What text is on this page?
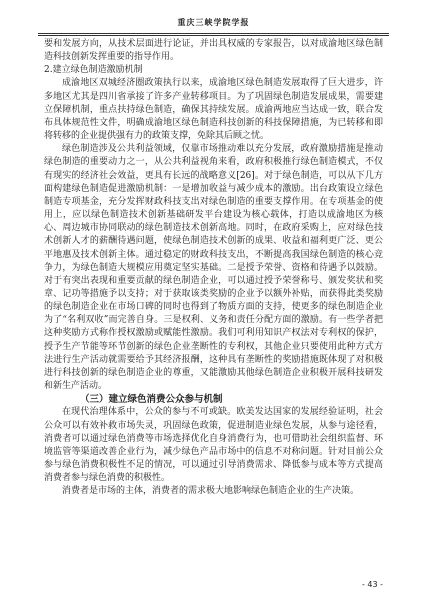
重庆三峡学院学报

要和发展方向，从技术层面进行论证，并出具权威的专家报告，以对成渝地区绿色制造科技创新发挥重要的指导作用。

2.建立绿色制造激励机制

成渝地区双城经济圈政策执行以来，成渝地区绿色制造发展取得了巨大进步，许多地区尤其是四川省承接了许多产业转移项目。为了巩固绿色制造发展成果，需要建立保障机制，重点扶持绿色制造，确保其持续发展。成渝两地应当达成一致，联合发布具体规范性文件，明确成渝地区绿色制造科技创新的科技保障措施，为已转移和即将转移的企业提供强有力的政策支撑，免除其后顾之忧。

绿色制造涉及公共利益领域，仅靠市场推动难以充分发展，政府激励措施是推动绿色制造的重要动力之一，从公共利益视角来看，政府积极推行绿色制造模式，不仅有现实的经济社会效益，更具有长远的战略意义[26]。对于绿色制造，可以从下几方面构建绿色制造促进激励机制：一是增加收益与减少成本的激励。出台政策设立绿色制造专项基金，充分发挥财政科技支出对绿色制造的重要支撑作用。在专项基金的使用上，应以绿色制造技术创新基础研发平台建设为核心载体，打造以成渝地区为核心、周边城市协同联动的绿色制造技术创新高地。同时，在政府采购上，应对绿色技术创新人才的薪酬待遇问题，使绿色制造技术创新的成果、收益和福利更广泛、更公平地惠及技术创新主体。通过稳定的财政科技支出，不断提高我国绿色制造的核心竞争力，为绿色制造大规模应用奠定坚实基础。二是授予荣誉、资格和待遇予以鼓励。对于有突出表现和重要贡献的绿色制造企业，可以通过授予荣誉称号、颁发奖状和奖章、记功等措施予以支持；对于获取该类奖励的企业予以额外补贴，而获得此类奖励的绿色制造企业在市场口碑的同时也得到了物质方面的支持，使更多的绿色制造企业为了“名利双收”而完善自身。三是权利、义务和责任分配方面的激励。有一些学者把这种奖励方式称作授权激励或赋能性激励。我们可利用知识产权法对专利权的保护，授予生产节能等环节创新的绿色企业垄断性的专利权，其他企业只要使用此种方式方法进行生产活动就需要给予其经济报酬，这种具有垄断性的奖励措施既体现了对积极进行科技创新的绿色制造企业的尊重，又能激励其他绿色制造企业积极开展科技研发和新生产活动。

（三）建立绿色消费公众参与机制

在现代治理体系中，公众的参与不可或缺。欧美发达国家的发展经验证明，社会公众可以有效补救市场失灵，巩固绿色政策，促进制造业绿色发展，从参与途径看，消费者可以通过绿色消费等市场选择优化自身消费行为，也可借助社会组织监督、环境监管等渠道改善企业行为，减少绿色产品市场中的信息不对称问题。针对目前公众参与绿色消费积极性不足的情况，可以通过引导消费需求、降低参与成本等方式提高消费者参与绿色消费的积极性。

消费者是市场的主体，消费者的需求极大地影响绿色制造企业的生产决策。

- 43 -
